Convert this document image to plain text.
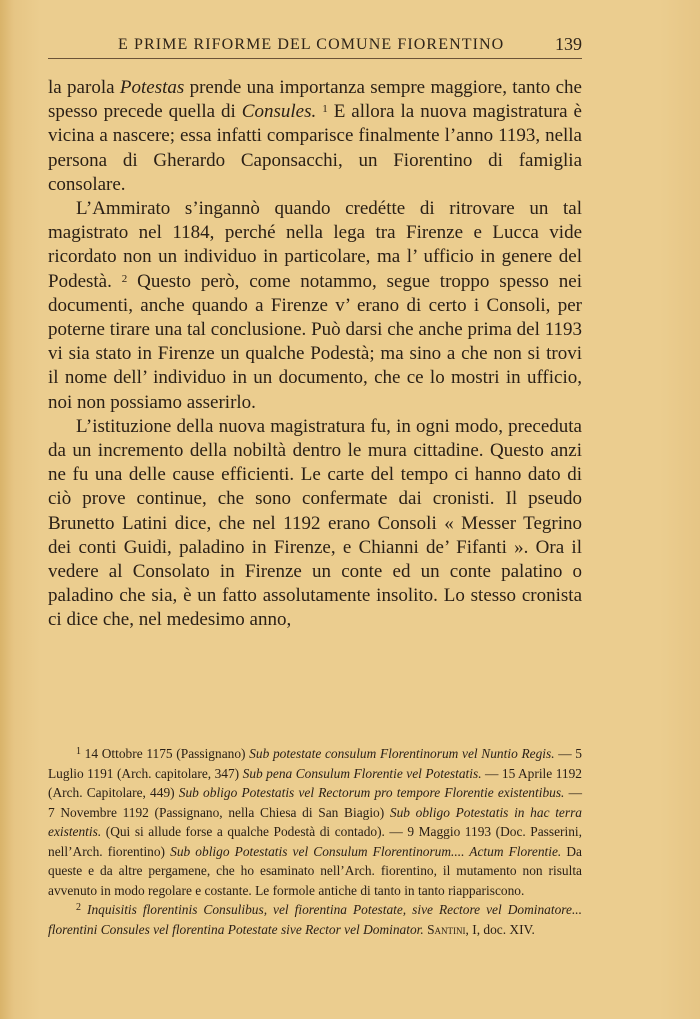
E PRIME RIFORME DEL COMUNE FIORENTINO	139

la parola Potestas prende una importanza sempre maggiore, tanto che spesso precede quella di Consules. $^1$ E allora la nuova magistratura è vicina a nascere; essa infatti comparisce finalmente l’anno 1193, nella persona di Gherardo Caponsacchi, un Fiorentino di famiglia consolare.

L’Ammirato s’ingannò quando credétte di ritrovare un tal magistrato nel 1184, perché nella lega tra Firenze e Lucca vide ricordato non un individuo in particolare, ma l’ ufficio in genere del Podestà. $^2$ Questo però, come notammo, segue troppo spesso nei documenti, anche quando a Firenze v’ erano di certo i Consoli, per poterne tirare una tal conclusione. Può darsi che anche prima del 1193 vi sia stato in Firenze un qualche Podestà; ma sino a che non si trovi il nome dell’ individuo in un documento, che ce lo mostri in ufficio, noi non possiamo asserirlo.

L’istituzione della nuova magistratura fu, in ogni modo, preceduta da un incremento della nobiltà dentro le mura cittadine. Questo anzi ne fu una delle cause efficienti. Le carte del tempo ci hanno dato di ciò prove continue, che sono confermate dai cronisti. Il pseudo Brunetto Latini dice, che nel 1192 erano Consoli « Messer Tegrino dei conti Guidi, paladino in Firenze, e Chianni de’ Fifanti ». Ora il vedere al Consolato in Firenze un conte ed un conte palatino o paladino che sia, è un fatto assolutamente insolito. Lo stesso cronista ci dice che, nel medesimo anno,

$^1$ 14 Ottobre 1175 (Passignano) Sub potestate consulum Florentinorum vel Nuntio Regis. — 5 Luglio 1191 (Arch. capitolare, 347) Sub pena Consulum Florentie vel Potestatis. — 15 Aprile 1192 (Arch. Capitolare, 449) Sub obligo Potestatis vel Rectorum pro tempore Florentie existentibus. — 7 Novembre 1192 (Passignano, nella Chiesa di San Biagio) Sub obligo Potestatis in hac terra existentis. (Qui si allude forse a qualche Podestà di contado). — 9 Maggio 1193 (Doc. Passerini, nell’Arch. fiorentino) Sub obligo Potestatis vel Consulum Florentinorum.... Actum Florentie. Da queste e da altre pergamene, che ho esaminato nell’Arch. fiorentino, il mutamento non risulta avvenuto in modo regolare e costante. Le formole antiche di tanto in tanto riappariscono.

$^2$ Inquisitis florentinis Consulibus, vel fiorentina Potestate, sive Rectore vel Dominatore... florentini Consules vel florentina Potestate sive Rector vel Dominator. Santini, I, doc. XIV.
